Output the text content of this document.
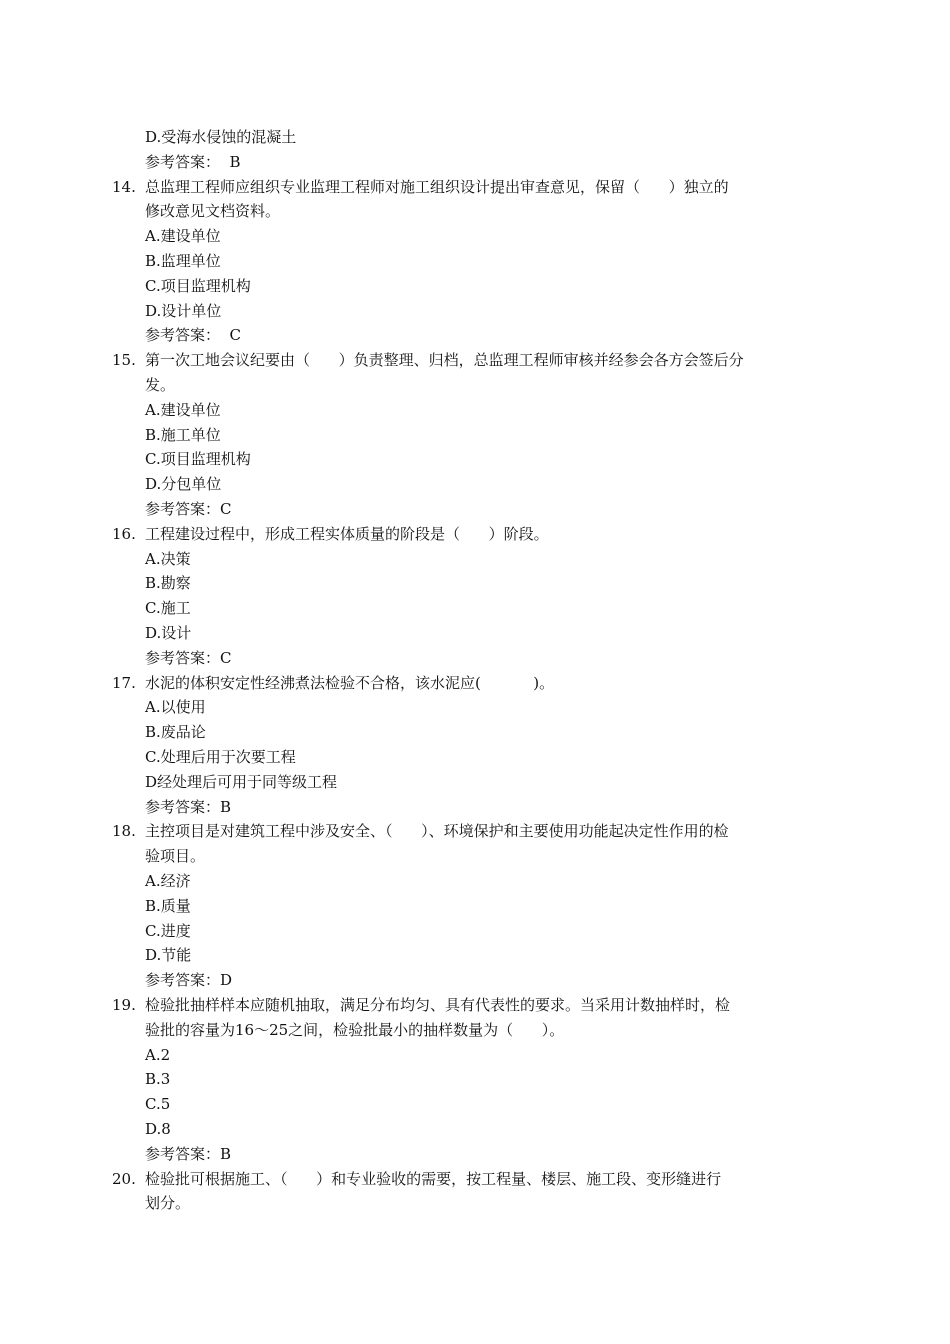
D.受海水侵蚀的混凝土
参考答案：  B
14. 总监理工程师应组织专业监理工程师对施工组织设计提出审查意见，保留（      ）独立的
修改意见文档资料。
A.建设单位
B.监理单位
C.项目监理机构
D.设计单位
参考答案：  C
15. 第一次工地会议纪要由（      ）负责整理、归档，总监理工程师审核并经参会各方会签后分
发。
A.建设单位
B.施工单位
C.项目监理机构
D.分包单位
参考答案：C
16. 工程建设过程中，形成工程实体质量的阶段是（      ）阶段。
A.决策
B.勘察
C.施工
D.设计
参考答案：C
17. 水泥的体积安定性经沸煮法检验不合格，该水泥应(           )。
A.以使用
B.废品论
C.处理后用于次要工程
D经处理后可用于同等级工程
参考答案：B
18. 主控项目是对建筑工程中涉及安全、（      ）、环境保护和主要使用功能起决定性作用的检
验项目。
A.经济
B.质量
C.进度
D.节能
参考答案：D
19. 检验批抽样样本应随机抽取，满足分布均匀、具有代表性的要求。当采用计数抽样时，检
验批的容量为16～25之间，检验批最小的抽样数量为（      ）。
A.2
B.3
C.5
D.8
参考答案：B
20. 检验批可根据施工、（      ）和专业验收的需要，按工程量、楼层、施工段、变形缝进行
划分。
